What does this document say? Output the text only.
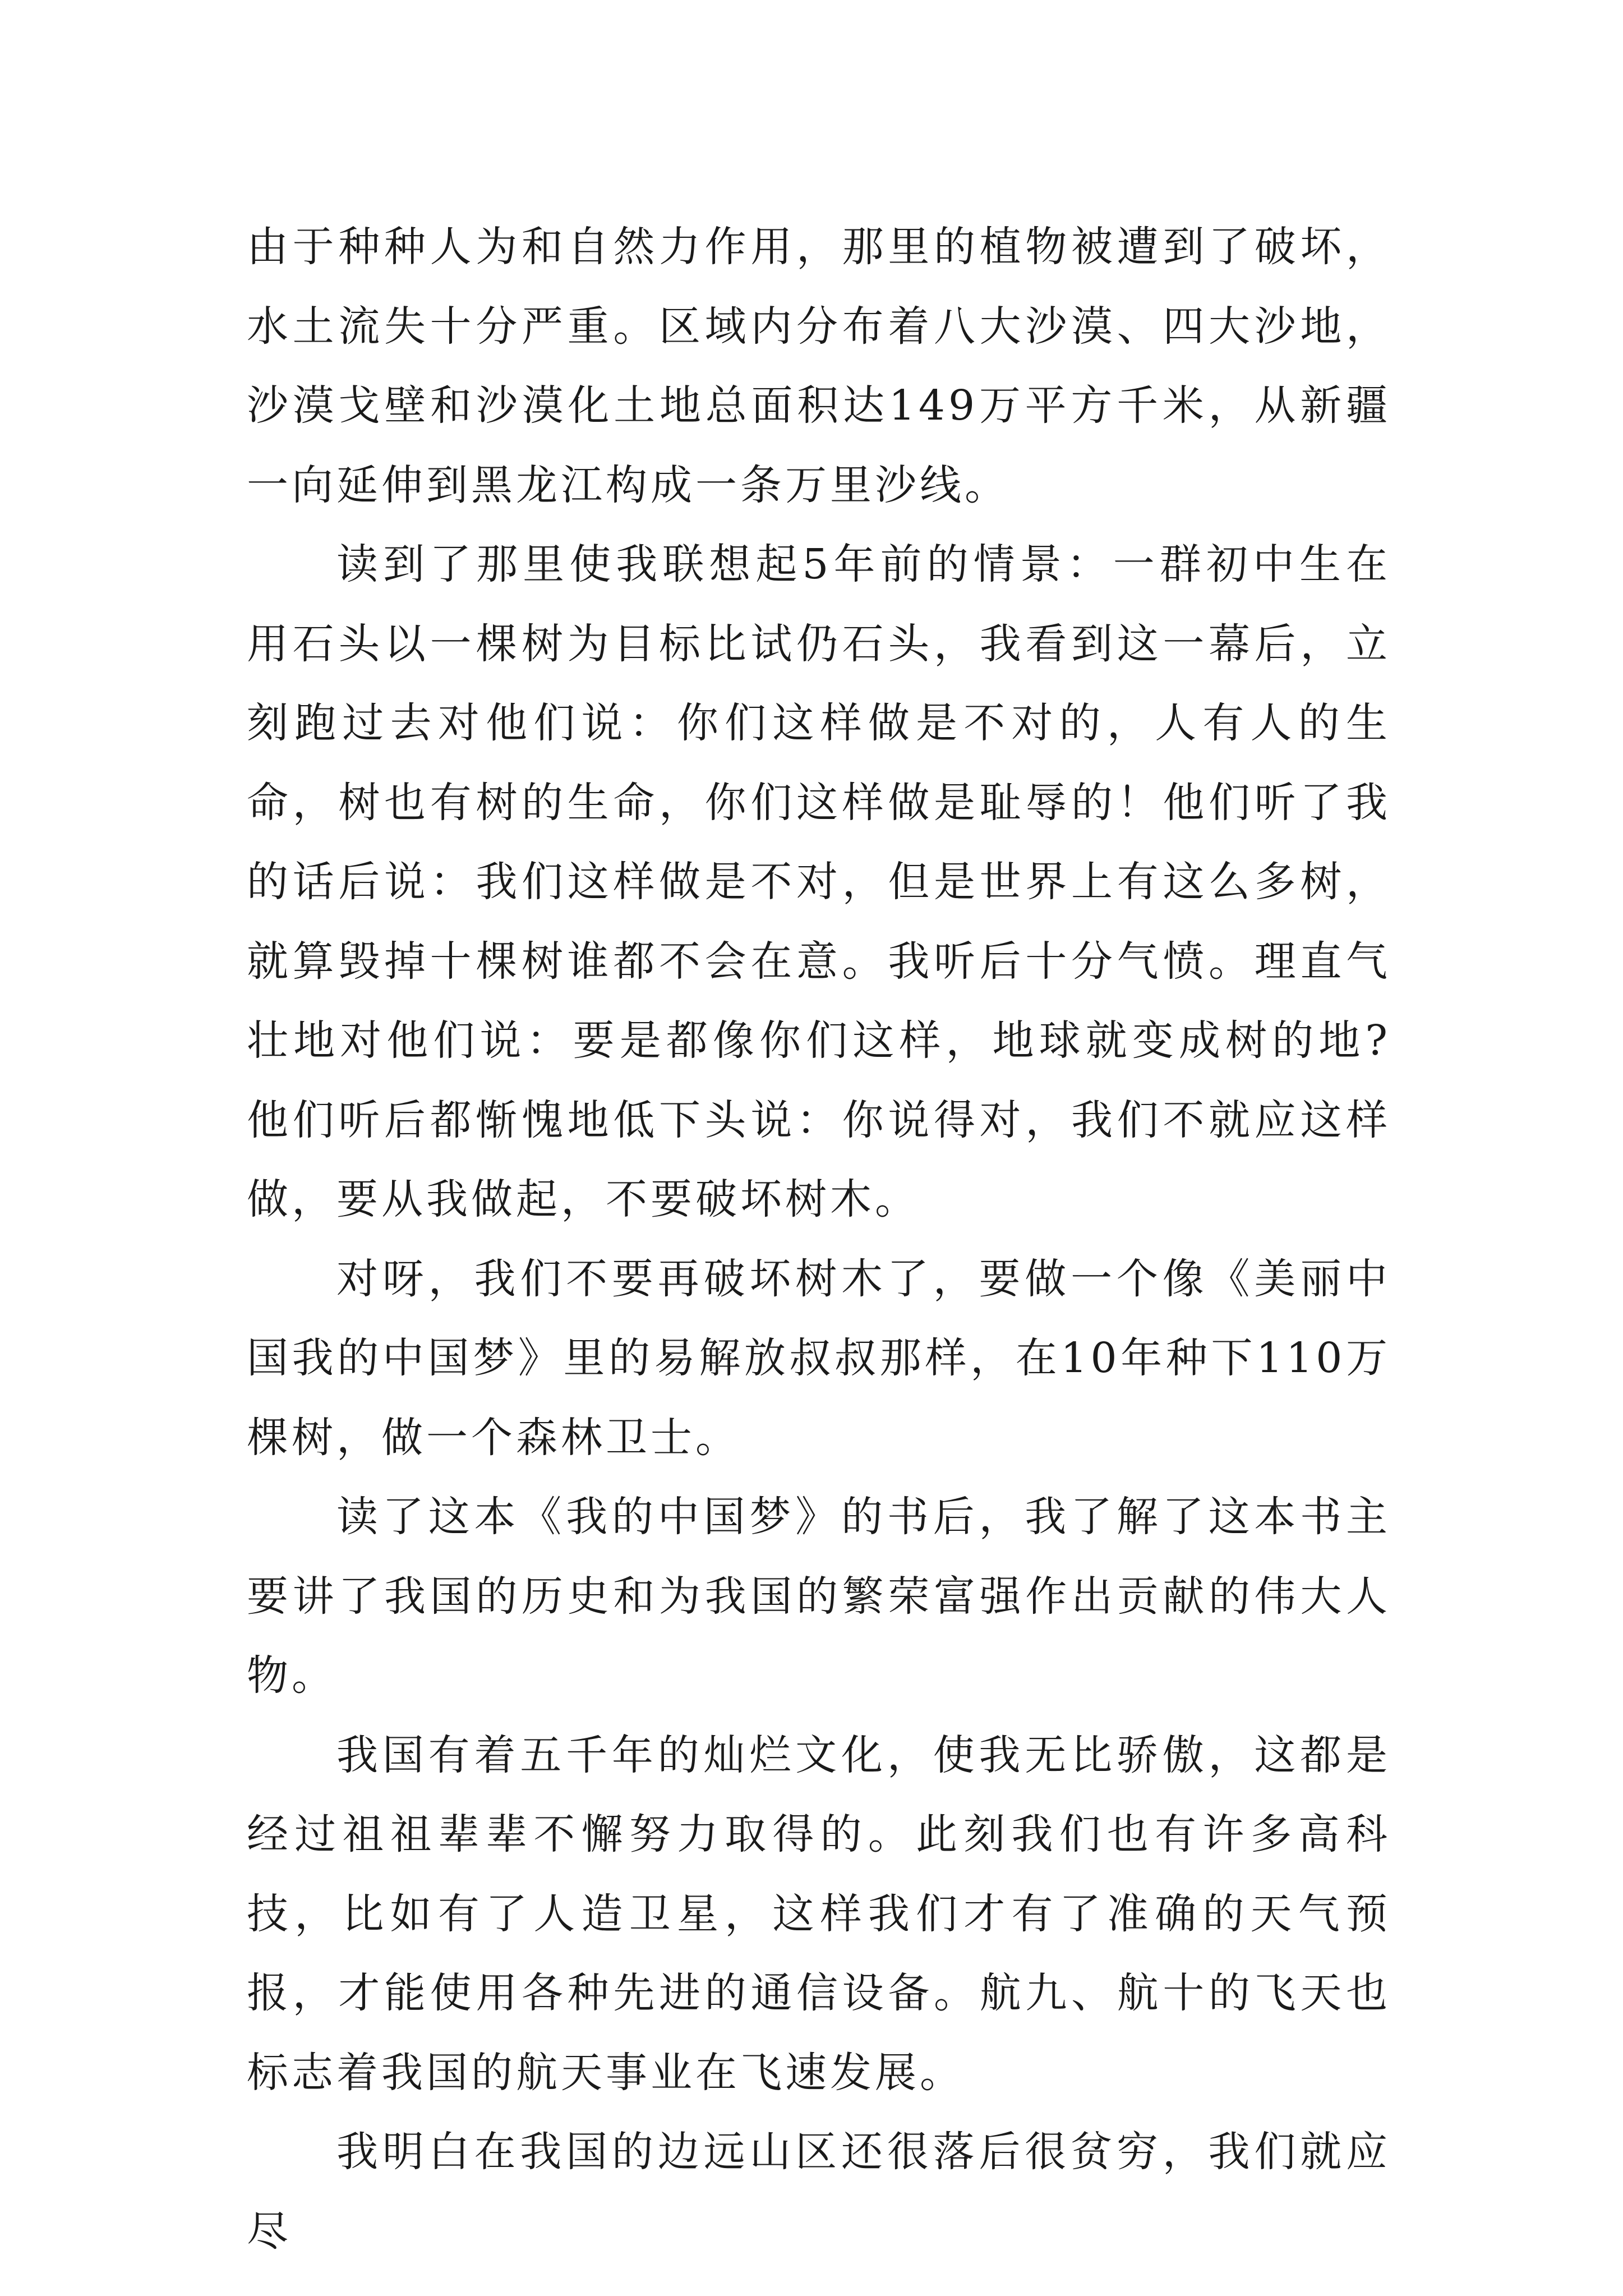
由于种种人为和自然力作用，那里的植物被遭到了破坏，水土流失十分严重。区域内分布着八大沙漠、四大沙地，沙漠戈壁和沙漠化土地总面积达149万平方千米，从新疆一向延伸到黑龙江构成一条万里沙线。

读到了那里使我联想起5年前的情景：一群初中生在用石头以一棵树为目标比试仍石头，我看到这一幕后，立刻跑过去对他们说：你们这样做是不对的，人有人的生命，树也有树的生命，你们这样做是耻辱的！他们听了我的话后说：我们这样做是不对，但是世界上有这么多树，就算毁掉十棵树谁都不会在意。我听后十分气愤。理直气壮地对他们说：要是都像你们这样，地球就变成树的地?他们听后都惭愧地低下头说：你说得对，我们不就应这样做，要从我做起，不要破坏树木。

对呀，我们不要再破坏树木了，要做一个像《美丽中国我的中国梦》里的易解放叔叔那样，在10年种下110万棵树，做一个森林卫士。

读了这本《我的中国梦》的书后，我了解了这本书主要讲了我国的历史和为我国的繁荣富强作出贡献的伟大人物。

我国有着五千年的灿烂文化，使我无比骄傲，这都是经过祖祖辈辈不懈努力取得的。此刻我们也有许多高科技，比如有了人造卫星，这样我们才有了准确的天气预报，才能使用各种先进的通信设备。航九、航十的飞天也标志着我国的航天事业在飞速发展。

我明白在我国的边远山区还很落后很贫穷，我们就应尽
